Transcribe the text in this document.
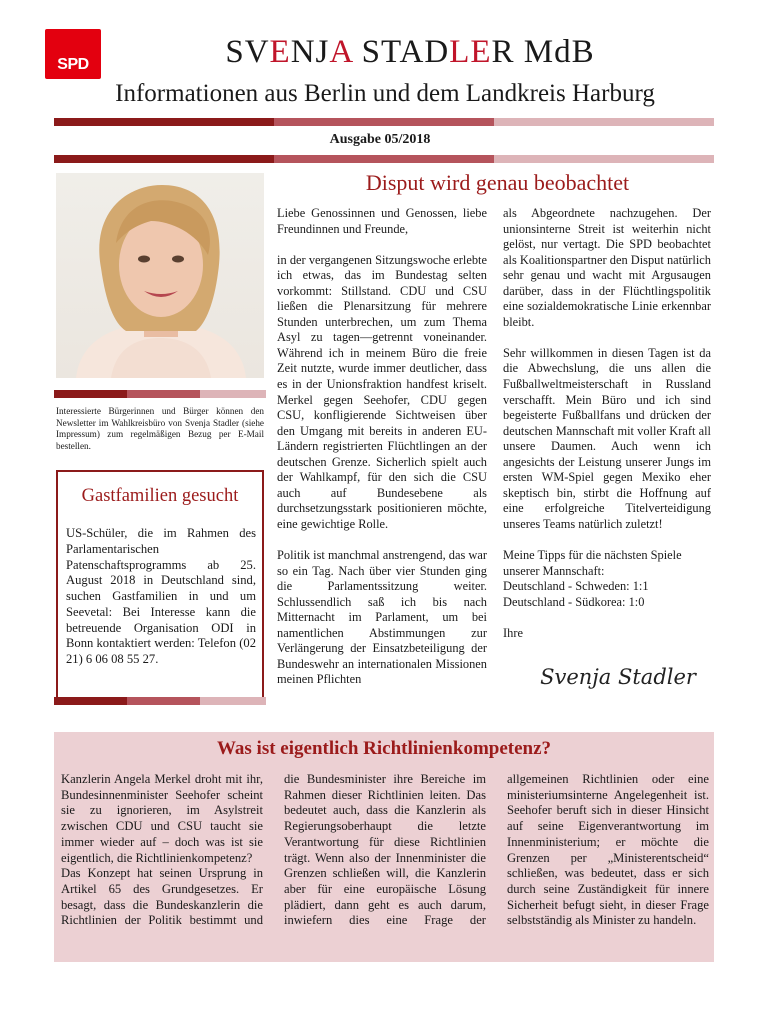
SPD	SVENJA STADLER MdB
Informationen aus Berlin und dem Landkreis Harburg
Ausgabe 05/2018
Interessierte Bürgerinnen und Bürger können den Newsletter im Wahlkreisbüro von Svenja Stadler (siehe Impressum) zum regelmäßigen Bezug per E-Mail bestellen.
Gastfamilien gesucht
US-Schüler, die im Rahmen des Parlamentarischen Patenschaftsprogramms ab 25. August 2018 in Deutschland sind, suchen Gastfamilien in und um Seevetal: Bei Interesse kann die betreuende Organisation ODI in Bonn kontaktiert werden: Telefon (02 21) 6 06 08 55 27.
Disput wird genau beobachtet

Liebe Genossinnen und Genossen, liebe Freundinnen und Freunde,

in der vergangenen Sitzungswoche erlebte ich etwas, das im Bundestag selten vorkommt: Stillstand. CDU und CSU ließen die Plenarsitzung für mehrere Stunden unterbrechen, um zum Thema Asyl zu tagen—getrennt voneinander. Während ich in meinem Büro die freie Zeit nutzte, wurde immer deutlicher, dass es in der Unionsfraktion handfest kriselt. Merkel gegen Seehofer, CDU gegen CSU, konfligierende Sichtweisen über den Umgang mit bereits in anderen EU-Ländern registrierten Flüchtlingen an der deutschen Grenze. Sicherlich spielt auch der Wahlkampf, für den sich die CSU auch auf Bundesebene als durchsetzungsstark positionieren möchte, eine gewichtige Rolle.

Politik ist manchmal anstrengend, das war so ein Tag. Nach über vier Stunden ging die Parlamentssitzung weiter. Schlussendlich saß ich bis nach Mitternacht im Parlament, um bei namentlichen Abstimmungen zur Verlängerung der Einsatzbeteiligung der Bundeswehr an internationalen Missionen meinen Pflichten

als Abgeordnete nachzugehen. Der unionsinterne Streit ist weiterhin nicht gelöst, nur vertagt. Die SPD beobachtet als Koalitionspartner den Disput natürlich sehr genau und wacht mit Argusaugen darüber, dass in der Flüchtlingspolitik eine sozialdemokratische Linie erkennbar bleibt.

Sehr willkommen in diesen Tagen ist da die Abwechslung, die uns allen die Fußballweltmeisterschaft in Russland verschafft. Mein Büro und ich sind begeisterte Fußballfans und drücken der deutschen Mannschaft mit voller Kraft all unsere Daumen. Auch wenn ich angesichts der Leistung unserer Jungs im ersten WM-Spiel gegen Mexiko eher skeptisch bin, stirbt die Hoffnung auf eine erfolgreiche Titelverteidigung unseres Teams natürlich zuletzt!

Meine Tipps für die nächsten Spiele unserer Mannschaft:
Deutschland - Schweden: 1:1
Deutschland - Südkorea: 1:0

Ihre

Svenja Stadler
Was ist eigentlich Richtlinienkompetenz?
Kanzlerin Angela Merkel droht mit ihr, Bundesinnenminister Seehofer scheint sie zu ignorieren, im Asylstreit zwischen CDU und CSU taucht sie immer wieder auf – doch was ist sie eigentlich, die Richtlinienkompetenz?
Das Konzept hat seinen Ursprung in Artikel 65 des Grundgesetzes. Er besagt, dass die Bundeskanzlerin die Richtlinien der Politik bestimmt und die Bundesminister ihre Bereiche im Rahmen dieser Richtlinien leiten. Das bedeutet auch, dass die Kanzlerin als Regierungsoberhaupt die letzte Verantwortung für diese Richtlinien trägt. Wenn also der Innenminister die Grenzen schließen will, die Kanzlerin aber für eine europäische Lösung plädiert, dann geht es auch darum, inwiefern dies eine Frage der allgemeinen Richtlinien oder eine ministeriumsinterne Angelegenheit ist. Seehofer beruft sich in dieser Hinsicht auf seine Eigenverantwortung im Innenministerium; er möchte die Grenzen per „Ministerentscheid“ schließen, was bedeutet, dass er sich durch seine Zuständigkeit für innere Sicherheit befugt sieht, in dieser Frage selbstständig als Minister zu handeln.
